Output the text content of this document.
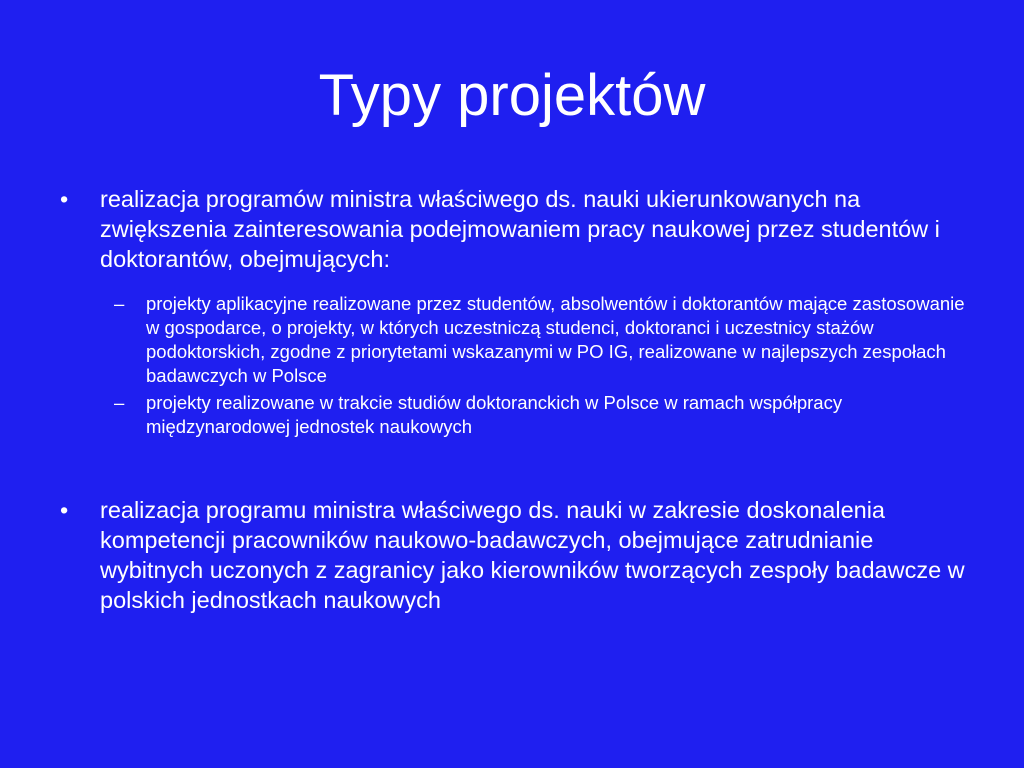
Typy projektów
• realizacja programów ministra właściwego ds. nauki ukierunkowanych na zwiększenia zainteresowania podejmowaniem pracy naukowej przez studentów i doktorantów, obejmujących:
– projekty aplikacyjne realizowane przez studentów, absolwentów i doktorantów mające zastosowanie w gospodarce, o projekty, w których uczestniczą studenci, doktoranci i uczestnicy stażów podoktorskich, zgodne z priorytetami wskazanymi w PO IG, realizowane w najlepszych zespołach badawczych w Polsce
– projekty realizowane w trakcie studiów doktoranckich w Polsce w ramach współpracy międzynarodowej jednostek naukowych
• realizacja programu ministra właściwego ds. nauki w zakresie doskonalenia kompetencji pracowników naukowo-badawczych, obejmujące zatrudnianie wybitnych uczonych z zagranicy jako kierowników tworzących zespoły badawcze w polskich jednostkach naukowych
